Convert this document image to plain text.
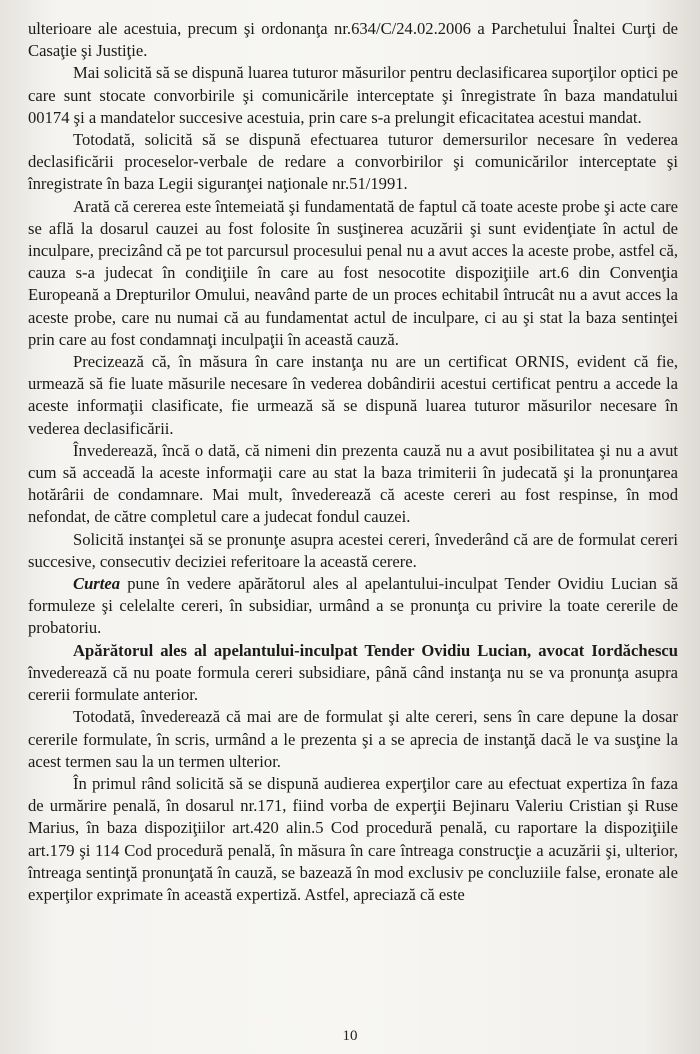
ulterioare ale acestuia, precum şi ordonanţa nr.634/C/24.02.2006 a Parchetului Înaltei Curţi de Casaţie şi Justiţie.

Mai solicită să se dispună luarea tuturor măsurilor pentru declasificarea suporţilor optici pe care sunt stocate convorbirile şi comunicările interceptate şi înregistrate în baza mandatului 00174 şi a mandatelor succesive acestuia, prin care s-a prelungit eficacitatea acestui mandat.

Totodată, solicită să se dispună efectuarea tuturor demersurilor necesare în vederea declasificării proceselor-verbale de redare a convorbirilor şi comunicărilor interceptate şi înregistrate în baza Legii siguranţei naţionale nr.51/1991.

Arată că cererea este întemeiată şi fundamentată de faptul că toate aceste probe şi acte care se află la dosarul cauzei au fost folosite în susţinerea acuzării şi sunt evidenţiate în actul de inculpare, precizând că pe tot parcursul procesului penal nu a avut acces la aceste probe, astfel că, cauza s-a judecat în condiţiile în care au fost nesocotite dispoziţiile art.6 din Convenţia Europeană a Drepturilor Omului, neavând parte de un proces echitabil întrucât nu a avut acces la aceste probe, care nu numai că au fundamentat actul de inculpare, ci au şi stat la baza sentinţei prin care au fost condamnaţi inculpaţii în această cauză.

Precizează că, în măsura în care instanţa nu are un certificat ORNIS, evident că fie, urmează să fie luate măsurile necesare în vederea dobândirii acestui certificat pentru a accede la aceste informaţii clasificate, fie urmează să se dispună luarea tuturor măsurilor necesare în vederea declasificării.

Învederează, încă o dată, că nimeni din prezenta cauză nu a avut posibilitatea şi nu a avut cum să acceadă la aceste informaţii care au stat la baza trimiterii în judecată şi la pronunţarea hotărârii de condamnare. Mai mult, învederează că aceste cereri au fost respinse, în mod nefondat, de către completul care a judecat fondul cauzei.

Solicită instanţei să se pronunţe asupra acestei cereri, învederând că are de formulat cereri succesive, consecutiv deciziei referitoare la această cerere.

Curtea pune în vedere apărătorul ales al apelantului-inculpat Tender Ovidiu Lucian să formuleze şi celelalte cereri, în subsidiar, urmând a se pronunţa cu privire la toate cererile de probatoriu.

Apărătorul ales al apelantului-inculpat Tender Ovidiu Lucian, avocat Iordăchescu învederează că nu poate formula cereri subsidiare, până când instanţa nu se va pronunţa asupra cererii formulate anterior.

Totodată, învederează că mai are de formulat şi alte cereri, sens în care depune la dosar cererile formulate, în scris, urmând a le prezenta şi a se aprecia de instanţă dacă le va susţine la acest termen sau la un termen ulterior.

În primul rând solicită să se dispună audierea experţilor care au efectuat expertiza în faza de urmărire penală, în dosarul nr.171, fiind vorba de experţii Bejinaru Valeriu Cristian şi Ruse Marius, în baza dispoziţiilor art.420 alin.5 Cod procedură penală, cu raportare la dispoziţiile art.179 şi 114 Cod procedură penală, în măsura în care întreaga construcţie a acuzării şi, ulterior, întreaga sentinţă pronunţată în cauză, se bazează în mod exclusiv pe concluziile false, eronate ale experţilor exprimate în această expertiză. Astfel, apreciază că este

10
